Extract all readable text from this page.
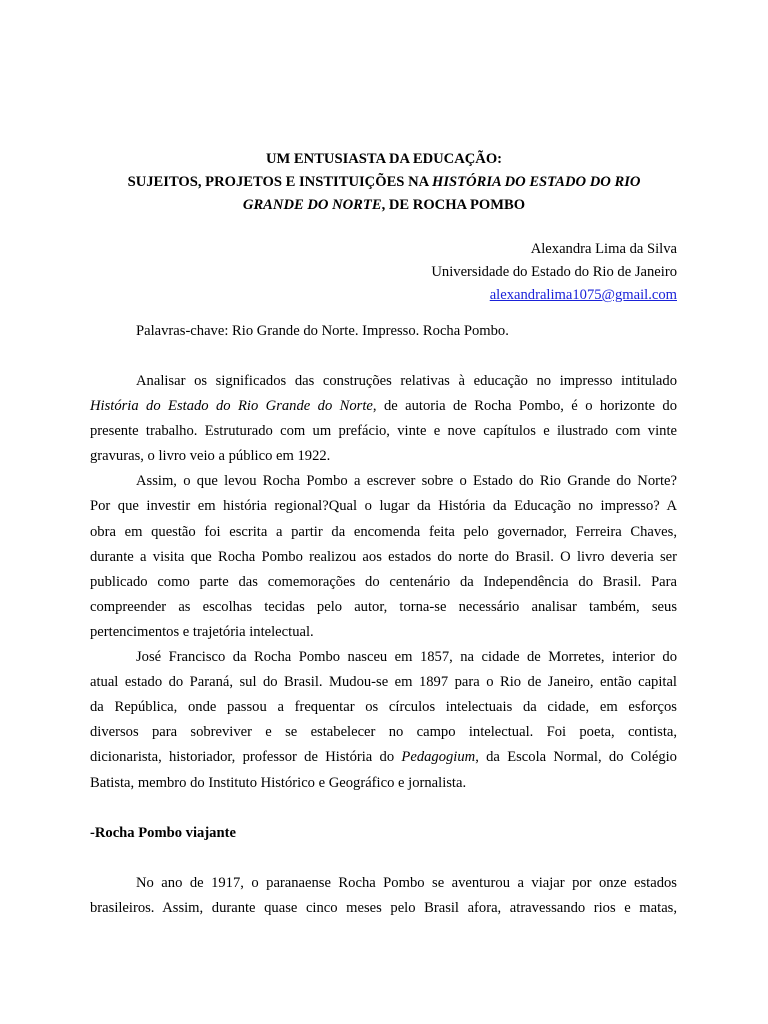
UM ENTUSIASTA DA EDUCAÇÃO:
SUJEITOS, PROJETOS E INSTITUIÇÕES NA HISTÓRIA DO ESTADO DO RIO
GRANDE DO NORTE, DE ROCHA POMBO
Alexandra Lima da Silva
Universidade do Estado do Rio de Janeiro
alexandralima1075@gmail.com
Palavras-chave: Rio Grande do Norte. Impresso. Rocha Pombo.
Analisar os significados das construções relativas à educação no impresso intitulado
História do Estado do Rio Grande do Norte, de autoria de Rocha Pombo, é o horizonte do
presente trabalho. Estruturado com um prefácio, vinte e nove capítulos e ilustrado com vinte
gravuras, o livro veio a público em 1922.
Assim, o que levou Rocha Pombo a escrever sobre o Estado do Rio Grande do Norte?
Por que investir em história regional?Qual o lugar da História da Educação no impresso? A
obra em questão foi escrita a partir da encomenda feita pelo governador, Ferreira Chaves,
durante a visita que Rocha Pombo realizou aos estados do norte do Brasil. O livro deveria ser
publicado como parte das comemorações do centenário da Independência do Brasil. Para
compreender as escolhas tecidas pelo autor, torna-se necessário analisar também, seus
pertencimentos e trajetória intelectual.
José Francisco da Rocha Pombo nasceu em 1857, na cidade de Morretes, interior do
atual estado do Paraná, sul do Brasil. Mudou-se em 1897 para o Rio de Janeiro, então capital
da República, onde passou a frequentar os círculos intelectuais da cidade, em esforços
diversos para sobreviver e se estabelecer no campo intelectual. Foi poeta, contista,
dicionarista, historiador, professor de História do Pedagogium, da Escola Normal, do Colégio
Batista, membro do Instituto Histórico e Geográfico e jornalista.
-Rocha Pombo viajante
No ano de 1917, o paranaense Rocha Pombo se aventurou a viajar por onze estados
brasileiros. Assim, durante quase cinco meses pelo Brasil afora, atravessando rios e matas,
